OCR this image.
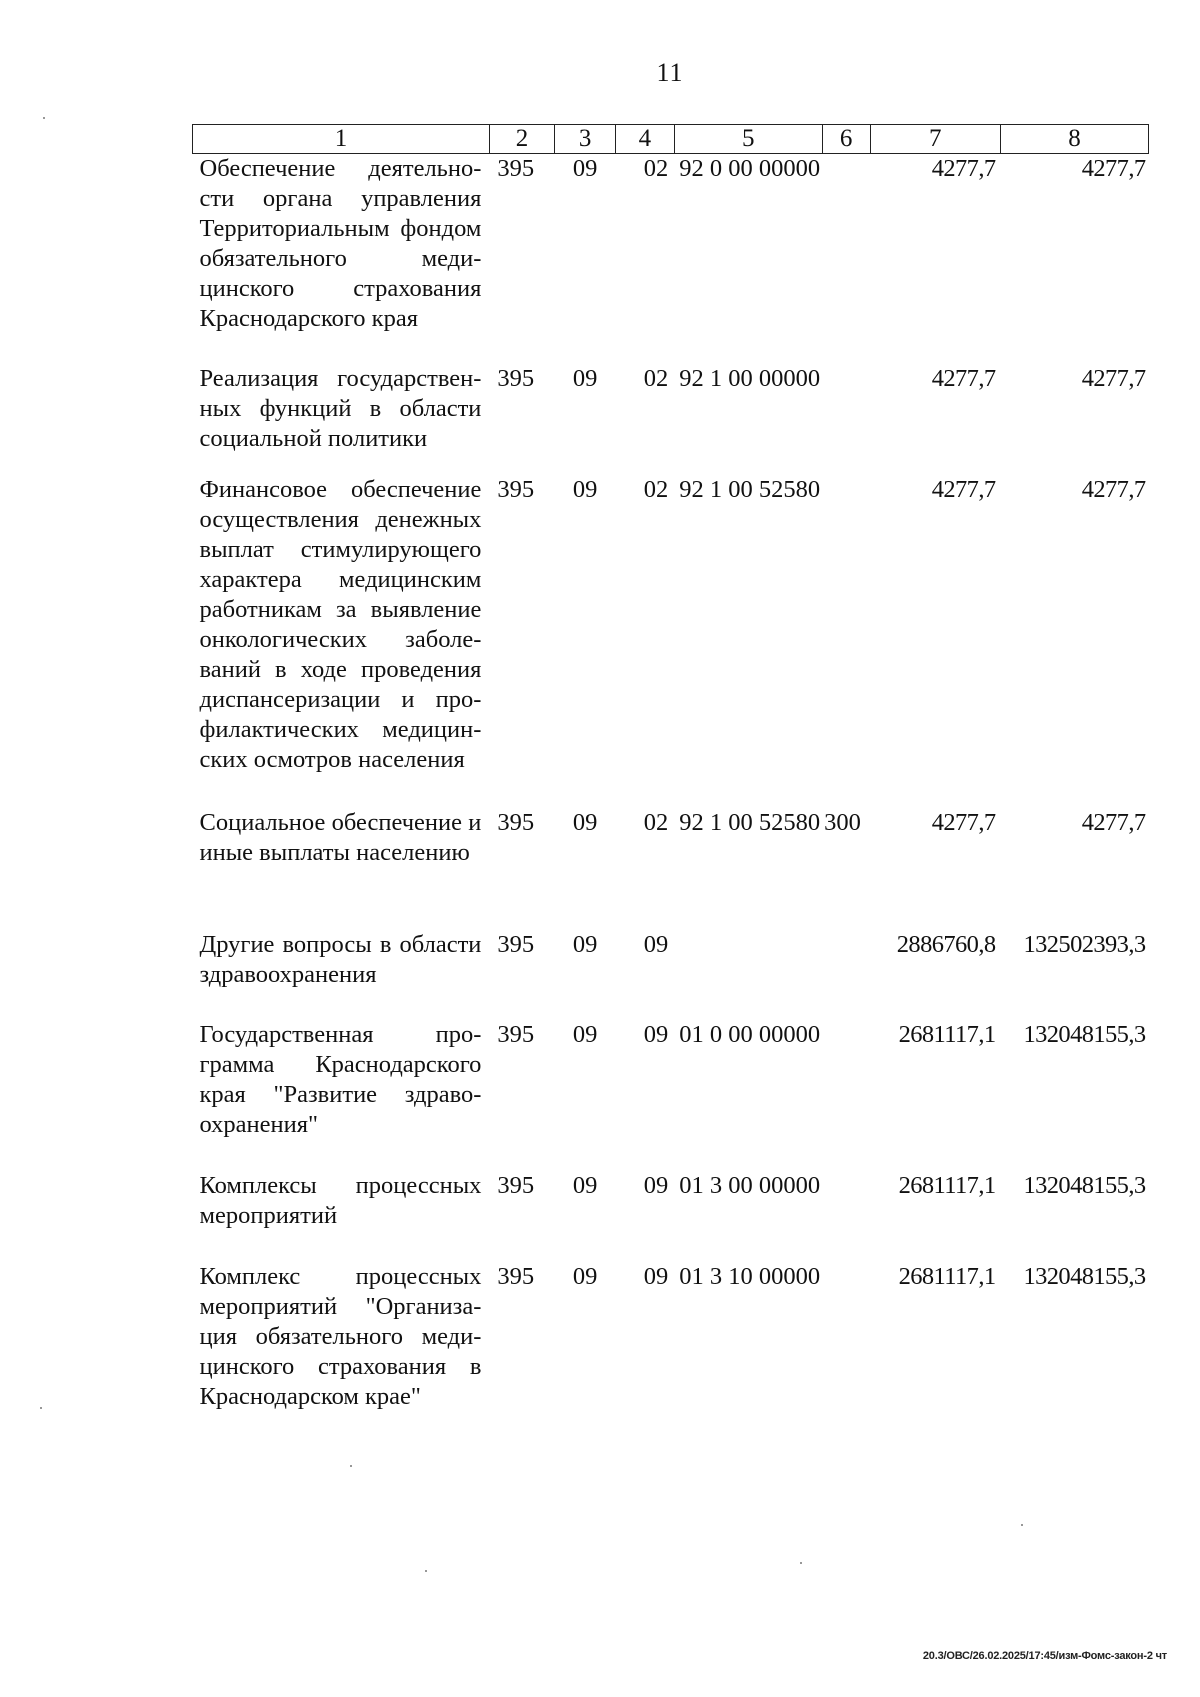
11
1	2	3	4	5	6	7	8
Обеспечение деятельности органа управления Территориальным фондом обязательного медицинского страхования Краснодарского края	395	09	02	92 0 00 00000		4277,7	4277,7
Реализация государственных функций в области социальной политики	395	09	02	92 1 00 00000		4277,7	4277,7
Финансовое обеспечение осуществления денежных выплат стимулирующего характера медицинским работникам за выявление онкологических заболеваний в ходе проведения диспансеризации и профилактических медицинских осмотров населения	395	09	02	92 1 00 52580		4277,7	4277,7
Социальное обеспечение и иные выплаты населению	395	09	02	92 1 00 52580	300	4277,7	4277,7
Другие вопросы в области здравоохранения	395	09	09			2886760,8	132502393,3
Государственная программа Краснодарского края "Развитие здравоохранения"	395	09	09	01 0 00 00000		2681117,1	132048155,3
Комплексы процессных мероприятий	395	09	09	01 3 00 00000		2681117,1	132048155,3
Комплекс процессных мероприятий "Организация обязательного медицинского страхования в Краснодарском крае"	395	09	09	01 3 10 00000		2681117,1	132048155,3
20.3/ОВС/26.02.2025/17:45/изм-Фомс-закон-2 чт
